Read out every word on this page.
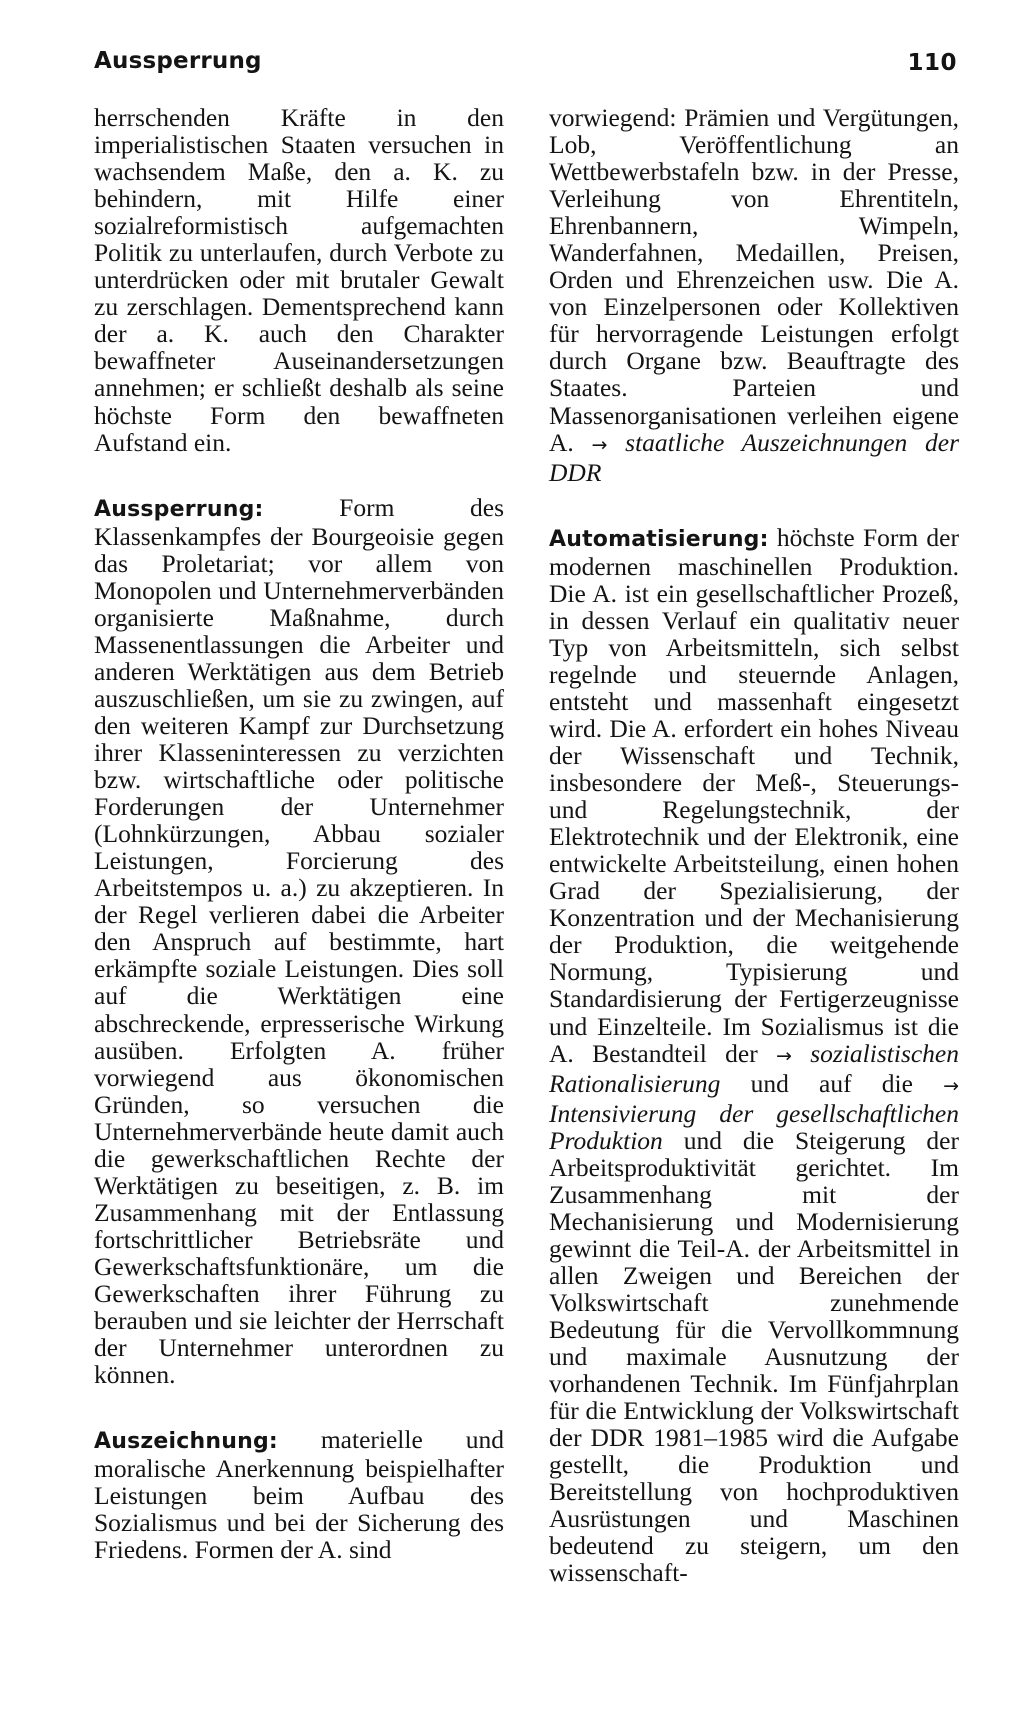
Aussperrung	110

herrschenden Kräfte in den imperialistischen Staaten versuchen in wachsendem Maße, den a. K. zu behindern, mit Hilfe einer sozialreformistisch aufgemachten Politik zu unterlaufen, durch Verbote zu unterdrücken oder mit brutaler Gewalt zu zerschlagen. Dementsprechend kann der a. K. auch den Charakter bewaffneter Auseinandersetzungen annehmen; er schließt deshalb als seine höchste Form den bewaffneten Aufstand ein.

Aussperrung:	Form des Klassenkampfes der Bourgeoisie gegen das Proletariat; vor allem von Monopolen und Unternehmerverbänden organisierte Maßnahme, durch Massenentlassungen die Arbeiter und anderen Werktätigen aus dem Betrieb auszuschließen, um sie zu zwingen, auf den weiteren Kampf zur Durchsetzung ihrer Klasseninteressen zu verzichten bzw. wirtschaftliche oder politische Forderungen der Unternehmer (Lohnkürzungen, Abbau sozialer Leistungen, Forcierung des Arbeitstempos u. a.) zu akzeptieren. In der Regel verlieren dabei die Arbeiter den Anspruch auf bestimmte, hart erkämpfte soziale Leistungen. Dies soll auf die Werktätigen eine abschreckende, erpresserische Wirkung ausüben. Erfolgten A. früher vorwiegend aus ökonomischen Gründen, so versuchen die Unternehmerverbände heute damit auch die gewerkschaftlichen Rechte der Werktätigen zu beseitigen, z. B. im Zusammenhang mit der Entlassung fortschrittlicher Betriebsräte und Gewerkschaftsfunktionäre, um die Gewerkschaften ihrer Führung zu berauben und sie leichter der Herrschaft der Unternehmer unterordnen zu können.

Auszeichnung: materielle und moralische Anerkennung beispielhafter Leistungen beim Aufbau des Sozialismus und bei der Sicherung des Friedens. Formen der A. sind

vorwiegend: Prämien und Vergütungen, Lob, Veröffentlichung an Wettbewerbstafeln bzw. in der Presse, Verleihung von Ehrentiteln, Ehrenbannern, Wimpeln, Wanderfahnen, Medaillen, Preisen, Orden und Ehrenzeichen usw. Die A. von Einzelpersonen oder Kollektiven für hervorragende Leistungen erfolgt durch Organe bzw. Beauftragte des Staates. Parteien und Massenorganisationen verleihen eigene A. → staatliche Auszeichnungen der DDR

Automatisierung: höchste Form der modernen maschinellen Produktion. Die A. ist ein gesellschaftlicher Prozeß, in dessen Verlauf ein qualitativ neuer Typ von Arbeitsmitteln, sich selbst regelnde und steuernde Anlagen, entsteht und massenhaft eingesetzt wird. Die A. erfordert ein hohes Niveau der Wissenschaft und Technik, insbesondere der Meß-, Steuerungs- und Regelungstechnik, der Elektrotechnik und der Elektronik, eine entwickelte Arbeitsteilung, einen hohen Grad der Spezialisierung, der Konzentration und der Mechanisierung der Produktion, die weitgehende Normung, Typisierung und Standardisierung der Fertigerzeugnisse und Einzelteile. Im Sozialismus ist die A. Bestandteil der → sozialistischen Rationalisierung und auf die → Intensivierung der gesellschaftlichen Produktion und die Steigerung der Arbeitsproduktivität gerichtet. Im Zusammenhang mit der Mechanisierung und Modernisierung gewinnt die Teil-A. der Arbeitsmittel in allen Zweigen und Bereichen der Volkswirtschaft zunehmende Bedeutung für die Vervollkommnung und maximale Ausnutzung der vorhandenen Technik. Im Fünfjahrplan für die Entwicklung der Volkswirtschaft der DDR 1981–1985 wird die Aufgabe gestellt, die Produktion und Bereitstellung von hochproduktiven Ausrüstungen und Maschinen bedeutend zu steigern, um den wissenschaft-
